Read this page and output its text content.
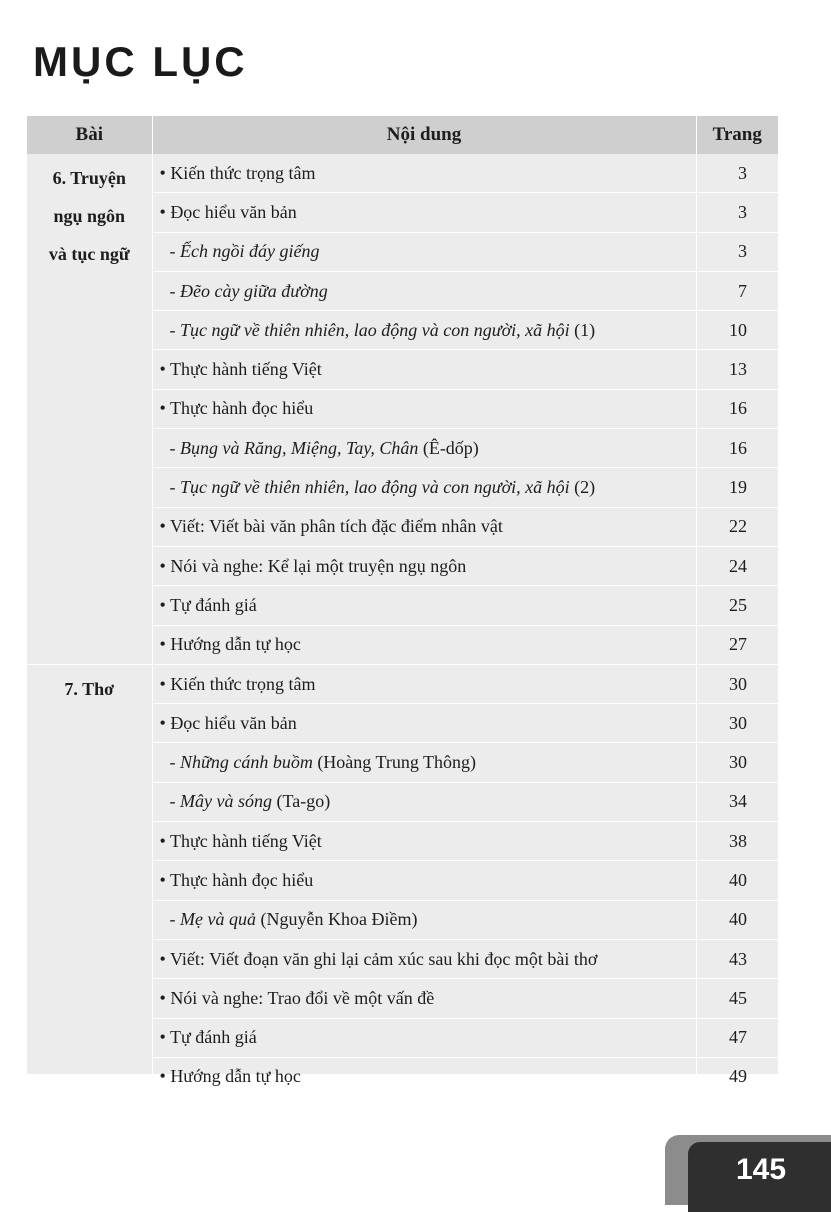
MỤC LỤC
Bài	Nội dung	Trang

6. Truyện
ngụ ngôn
và tục ngữ	• Kiến thức trọng tâm	3
	• Đọc hiểu văn bản	3
	- Ếch ngồi đáy giếng	3
	- Đẽo cày giữa đường	7
	- Tục ngữ về thiên nhiên, lao động và con người, xã hội (1)	10
	• Thực hành tiếng Việt	13
	• Thực hành đọc hiểu	16
	- Bụng và Răng, Miệng, Tay, Chân (Ê-dốp)	16
	- Tục ngữ về thiên nhiên, lao động và con người, xã hội (2)	19
	• Viết: Viết bài văn phân tích đặc điểm nhân vật	22
	• Nói và nghe: Kể lại một truyện ngụ ngôn	24
	• Tự đánh giá	25
	• Hướng dẫn tự học	27

7. Thơ	• Kiến thức trọng tâm	30
	• Đọc hiểu văn bản	30
	- Những cánh buồm (Hoàng Trung Thông)	30
	- Mây và sóng (Ta-go)	34
	• Thực hành tiếng Việt	38
	• Thực hành đọc hiểu	40
	- Mẹ và quả (Nguyễn Khoa Điềm)	40
	• Viết: Viết đoạn văn ghi lại cảm xúc sau khi đọc một bài thơ	43
	• Nói và nghe: Trao đổi về một vấn đề	45
	• Tự đánh giá	47
	• Hướng dẫn tự học	49
145
